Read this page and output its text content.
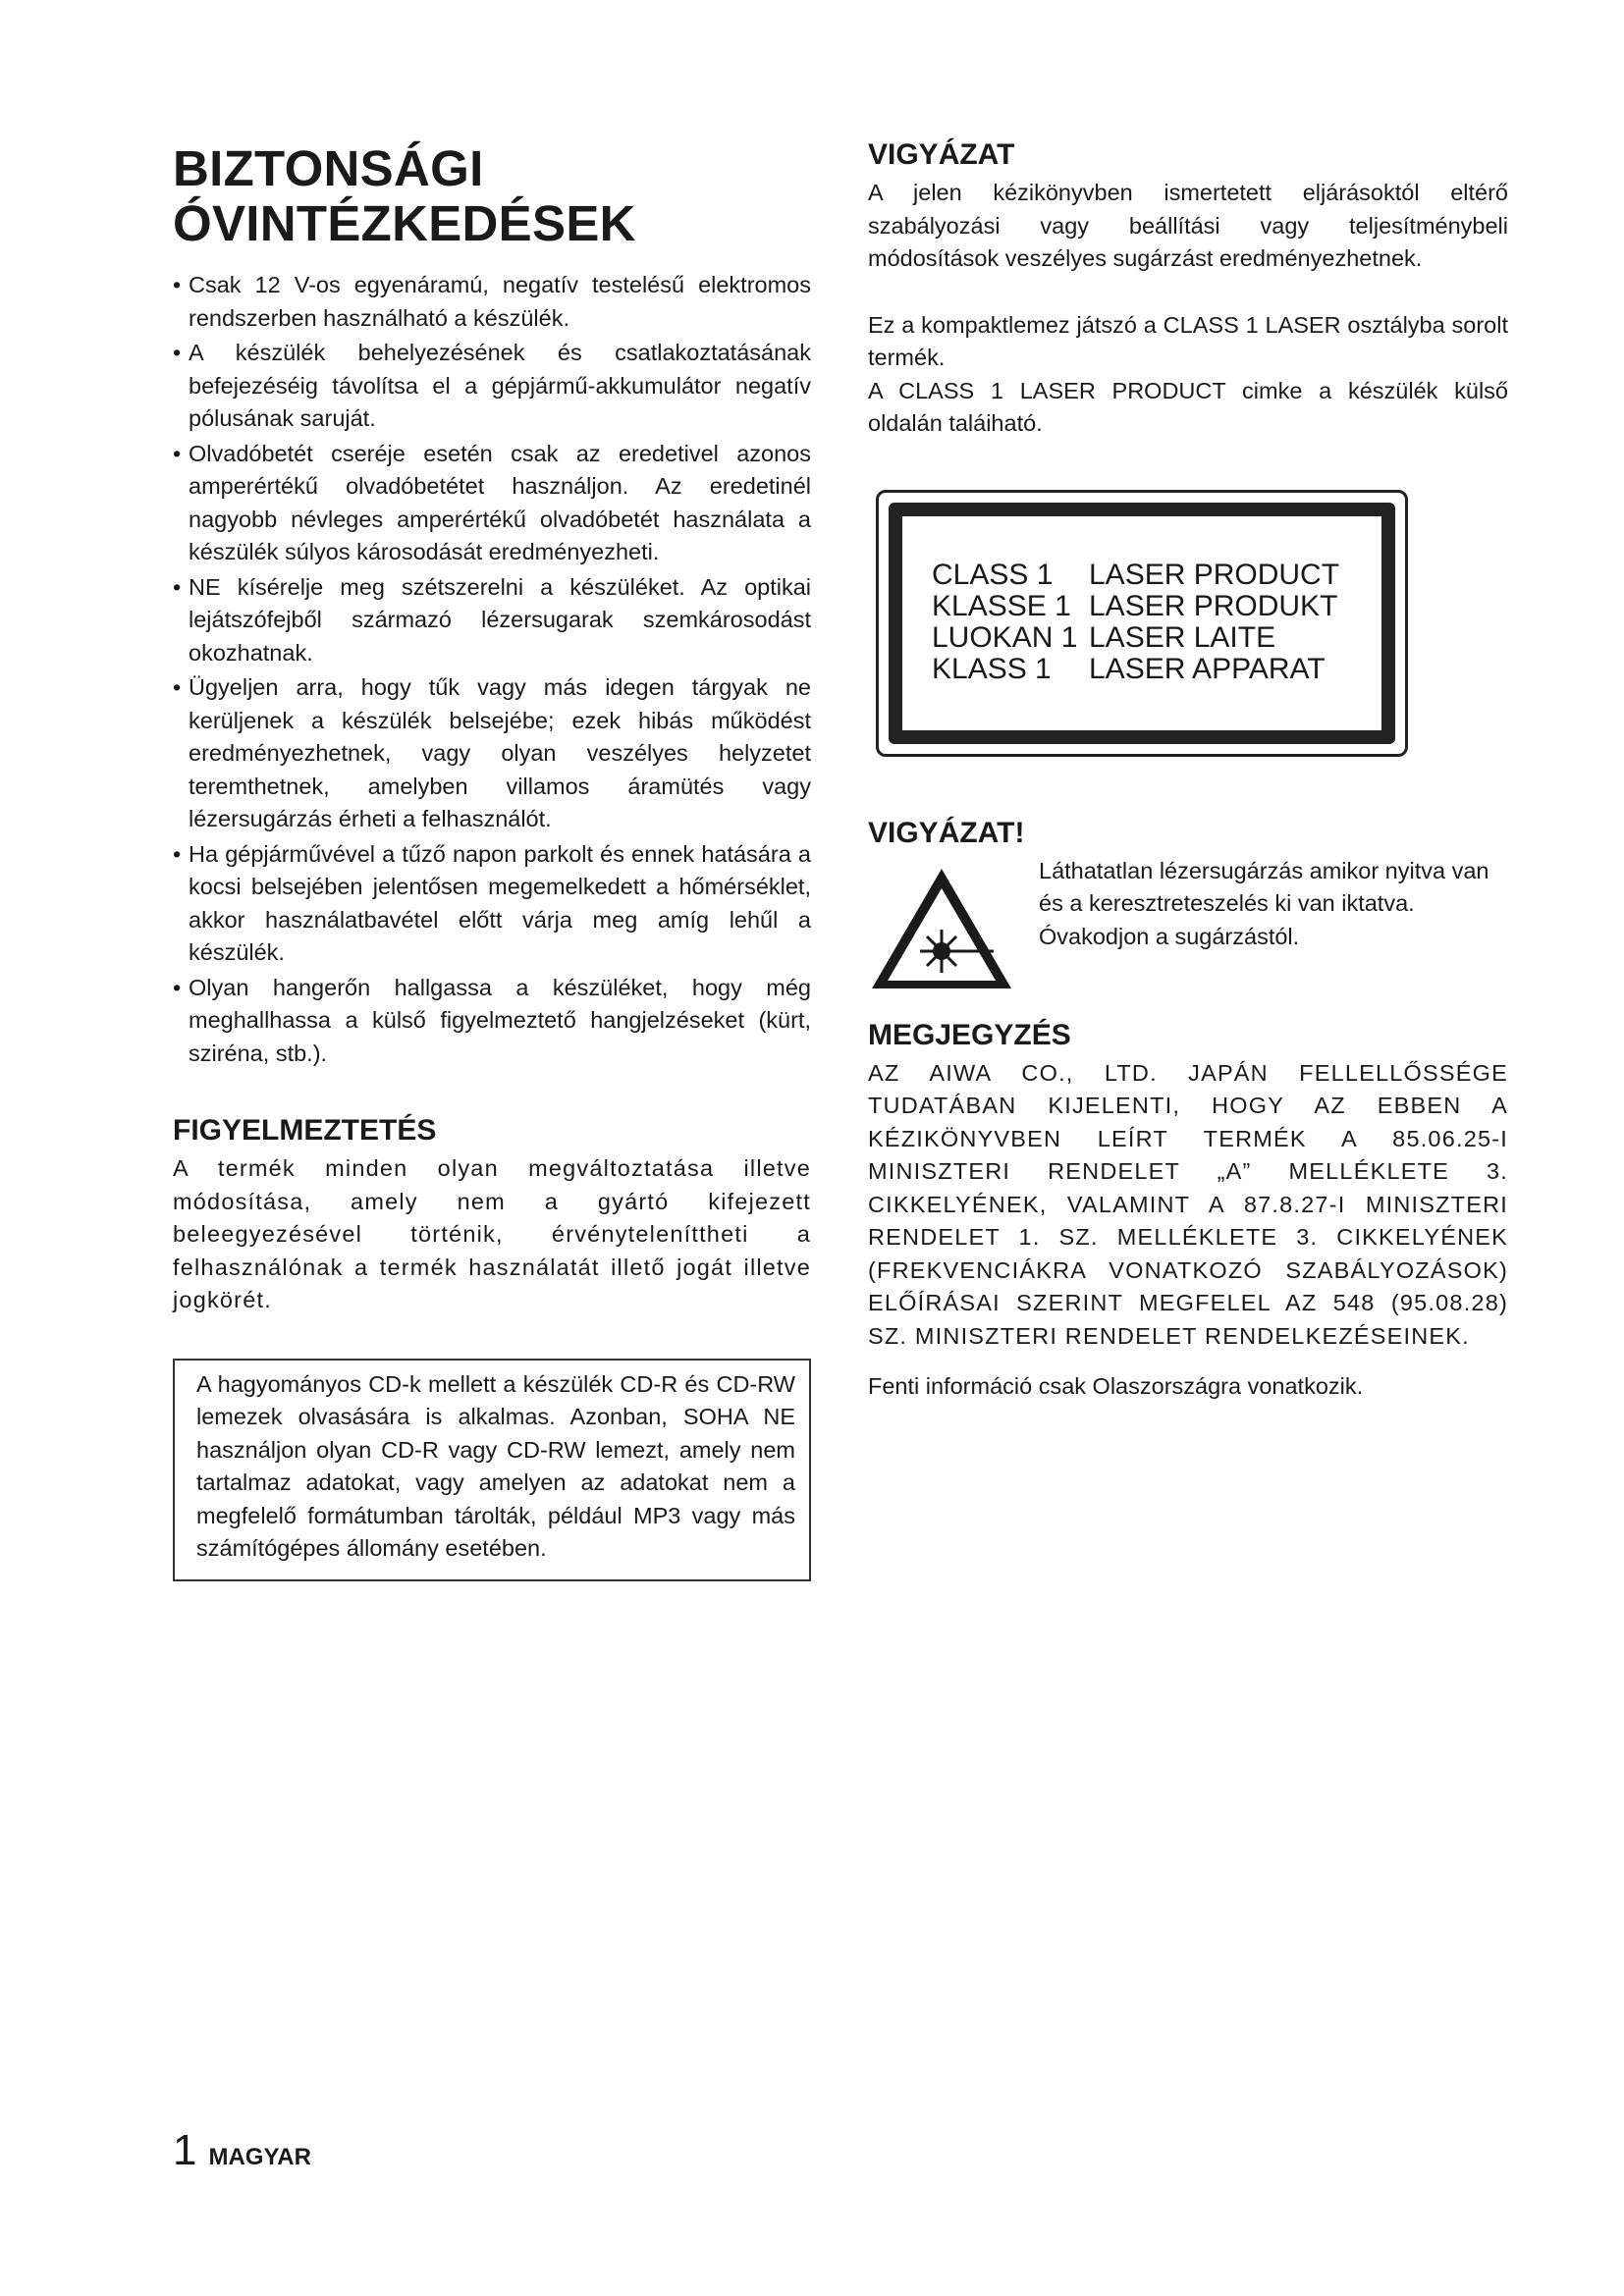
BIZTONSÁGI
ÓVINTÉZKEDÉSEK
• Csak 12 V-os egyenáramú, negatív testelésű elektromos rendszerben használható a készülék.
• A készülék behelyezésének és csatlakoztatásának befejezéséig távolítsa el a gépjármű-akkumulátor negatív pólusának saruját.
• Olvadóbetét cseréje esetén csak az eredetivel azonos amperértékű olvadóbetétet használjon. Az eredetinél nagyobb névleges amperértékű olvadóbetét használata a készülék súlyos károsodását eredményezheti.
• NE kísérelje meg szétszerelni a készüléket. Az optikai lejátszófejből származó lézersugarak szemkárosodást okozhatnak.
• Ügyeljen arra, hogy tűk vagy más idegen tárgyak ne kerüljenek a készülék belsejébe; ezek hibás működést eredményezhetnek, vagy olyan veszélyes helyzetet teremthetnek, amelyben villamos áramütés vagy lézersugárzás érheti a felhasználót.
• Ha gépjárművével a tűző napon parkolt és ennek hatására a kocsi belsejében jelentősen megemelkedett a hőmérséklet, akkor használatbavétel előtt várja meg amíg lehűl a készülék.
• Olyan hangerőn hallgassa a készüléket, hogy még meghallhassa a külső figyelmeztető hangjelzéseket (kürt, sziréna, stb.).
FIGYELMEZTETÉS

A termék minden olyan megváltoztatása illetve módosítása, amely nem a gyártó kifejezett beleegyezésével történik, érvényteleníttheti a felhasználónak a termék használatát illető jogát illetve jogkörét.

A hagyományos CD-k mellett a készülék CD-R és CD-RW lemezek olvasására is alkalmas. Azonban, SOHA NE használjon olyan CD-R vagy CD-RW lemezt, amely nem tartalmaz adatokat, vagy amelyen az adatokat nem a megfelelő formátumban tárolták, például MP3 vagy más számítógépes állomány esetében.

VIGYÁZAT

A jelen kézikönyvben ismertetett eljárásoktól eltérő szabályozási vagy beállítási vagy teljesítménybeli módosítások veszélyes sugárzást eredményezhetnek.

Ez a kompaktlemez játszó a CLASS 1 LASER osztályba sorolt termék.

A CLASS 1 LASER PRODUCT cimke a készülék külső oldalán taláiható.

CLASS 1	LASER PRODUCT
KLASSE 1 LASER PRODUKT
LUOKAN 1 LASER LAITE
KLASS 1	LASER APPARAT
VIGYÁZAT!
Láthatatlan lézersugárzás amikor nyitva van és a keresztreteszelés ki van iktatva. Óvakodjon a sugárzástól.
MEGJEGYZÉS

AZ AIWA CO., LTD. JAPÁN FELLELLŐSSÉGE TUDATÁBAN KIJELENTI, HOGY AZ EBBEN A KÉZIKÖNYVBEN LEÍRT TERMÉK A 85.06.25-I MINISZTERI RENDELET „A” MELLÉKLETE 3. CIKKELYÉNEK, VALAMINT A 87.8.27-I MINISZTERI RENDELET 1. SZ. MELLÉKLETE 3. CIKKELYÉNEK (FREKVENCIÁKRA VONATKOZÓ SZABÁLYOZÁSOK) ELŐÍRÁSAI SZERINT MEGFELEL AZ 548 (95.08.28) SZ. MINISZTERI RENDELET RENDELKEZÉSEINEK.

Fenti információ csak Olaszországra vonatkozik.

1 MAGYAR
